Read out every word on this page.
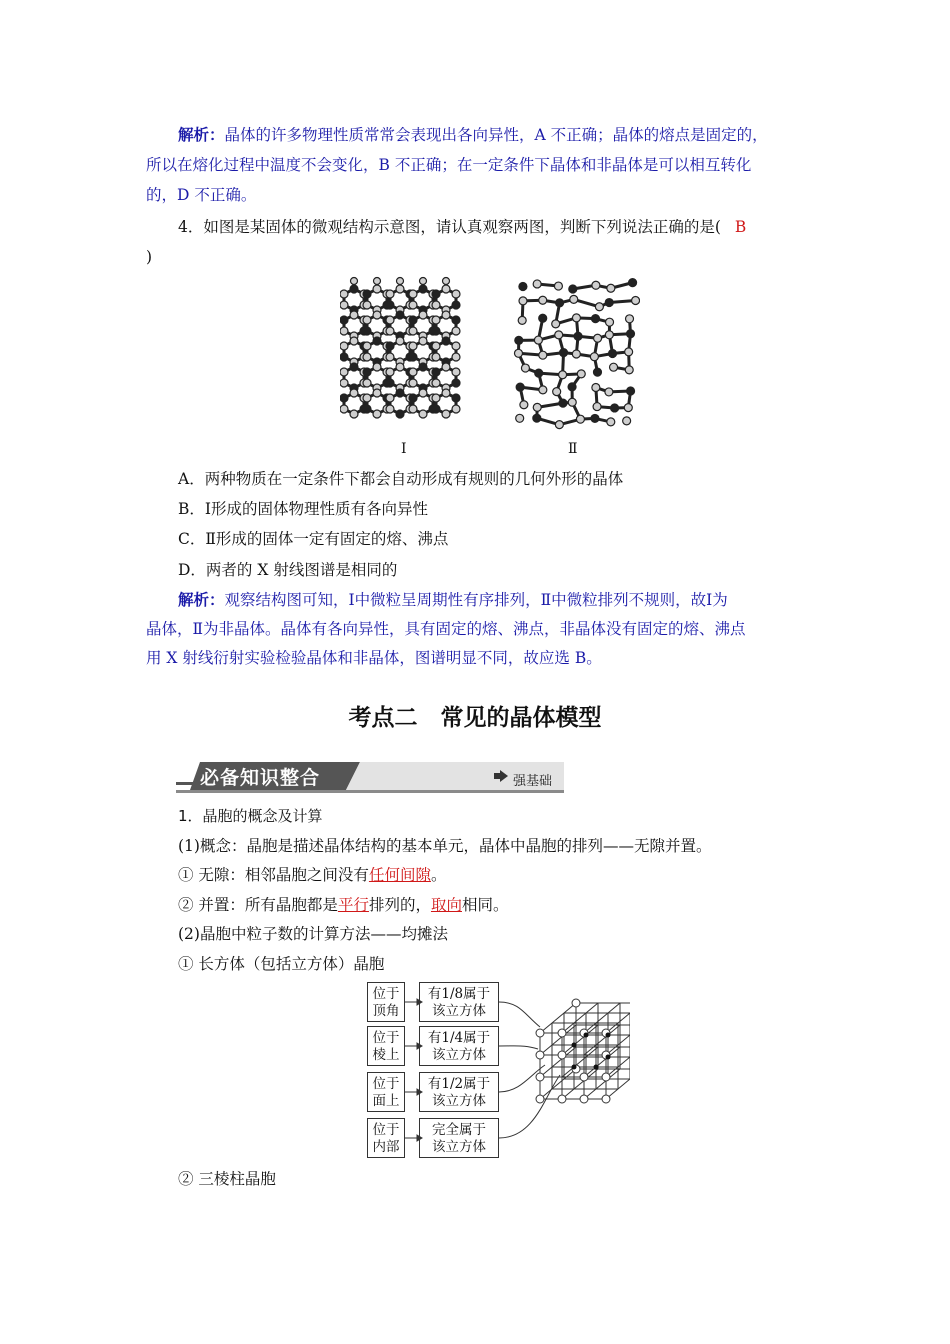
解析：晶体的许多物理性质常常会表现出各向异性，A 不正确；晶体的熔点是固定的，
所以在熔化过程中温度不会变化，B 不正确；在一定条件下晶体和非晶体是可以相互转化
的，D 不正确。
4．如图是某固体的微观结构示意图，请认真观察两图，判断下列说法正确的是( B
)
Ⅰ	Ⅱ
A．两种物质在一定条件下都会自动形成有规则的几何外形的晶体
B．Ⅰ形成的固体物理性质有各向异性
C．Ⅱ形成的固体一定有固定的熔、沸点
D．两者的 X 射线图谱是相同的
解析：观察结构图可知，Ⅰ中微粒呈周期性有序排列，Ⅱ中微粒排列不规则，故Ⅰ为
晶体，Ⅱ为非晶体。晶体有各向异性，具有固定的熔、沸点，非晶体没有固定的熔、沸点
用 X 射线衍射实验检验晶体和非晶体，图谱明显不同，故应选 B。
考点二　常见的晶体模型
必备知识整合	强基础
1．晶胞的概念及计算
(1)概念：晶胞是描述晶体结构的基本单元，晶体中晶胞的排列——无隙并置。
① 无隙：相邻晶胞之间没有任何间隙。
② 并置：所有晶胞都是平行排列的，取向相同。
(2)晶胞中粒子数的计算方法——均摊法
① 长方体（包括立方体）晶胞
位于
顶角
位于
棱上
位于
面上
位于
内部
有1/8属于
该立方体
有1/4属于
该立方体
有1/2属于
该立方体
完全属于
该立方体
② 三棱柱晶胞
